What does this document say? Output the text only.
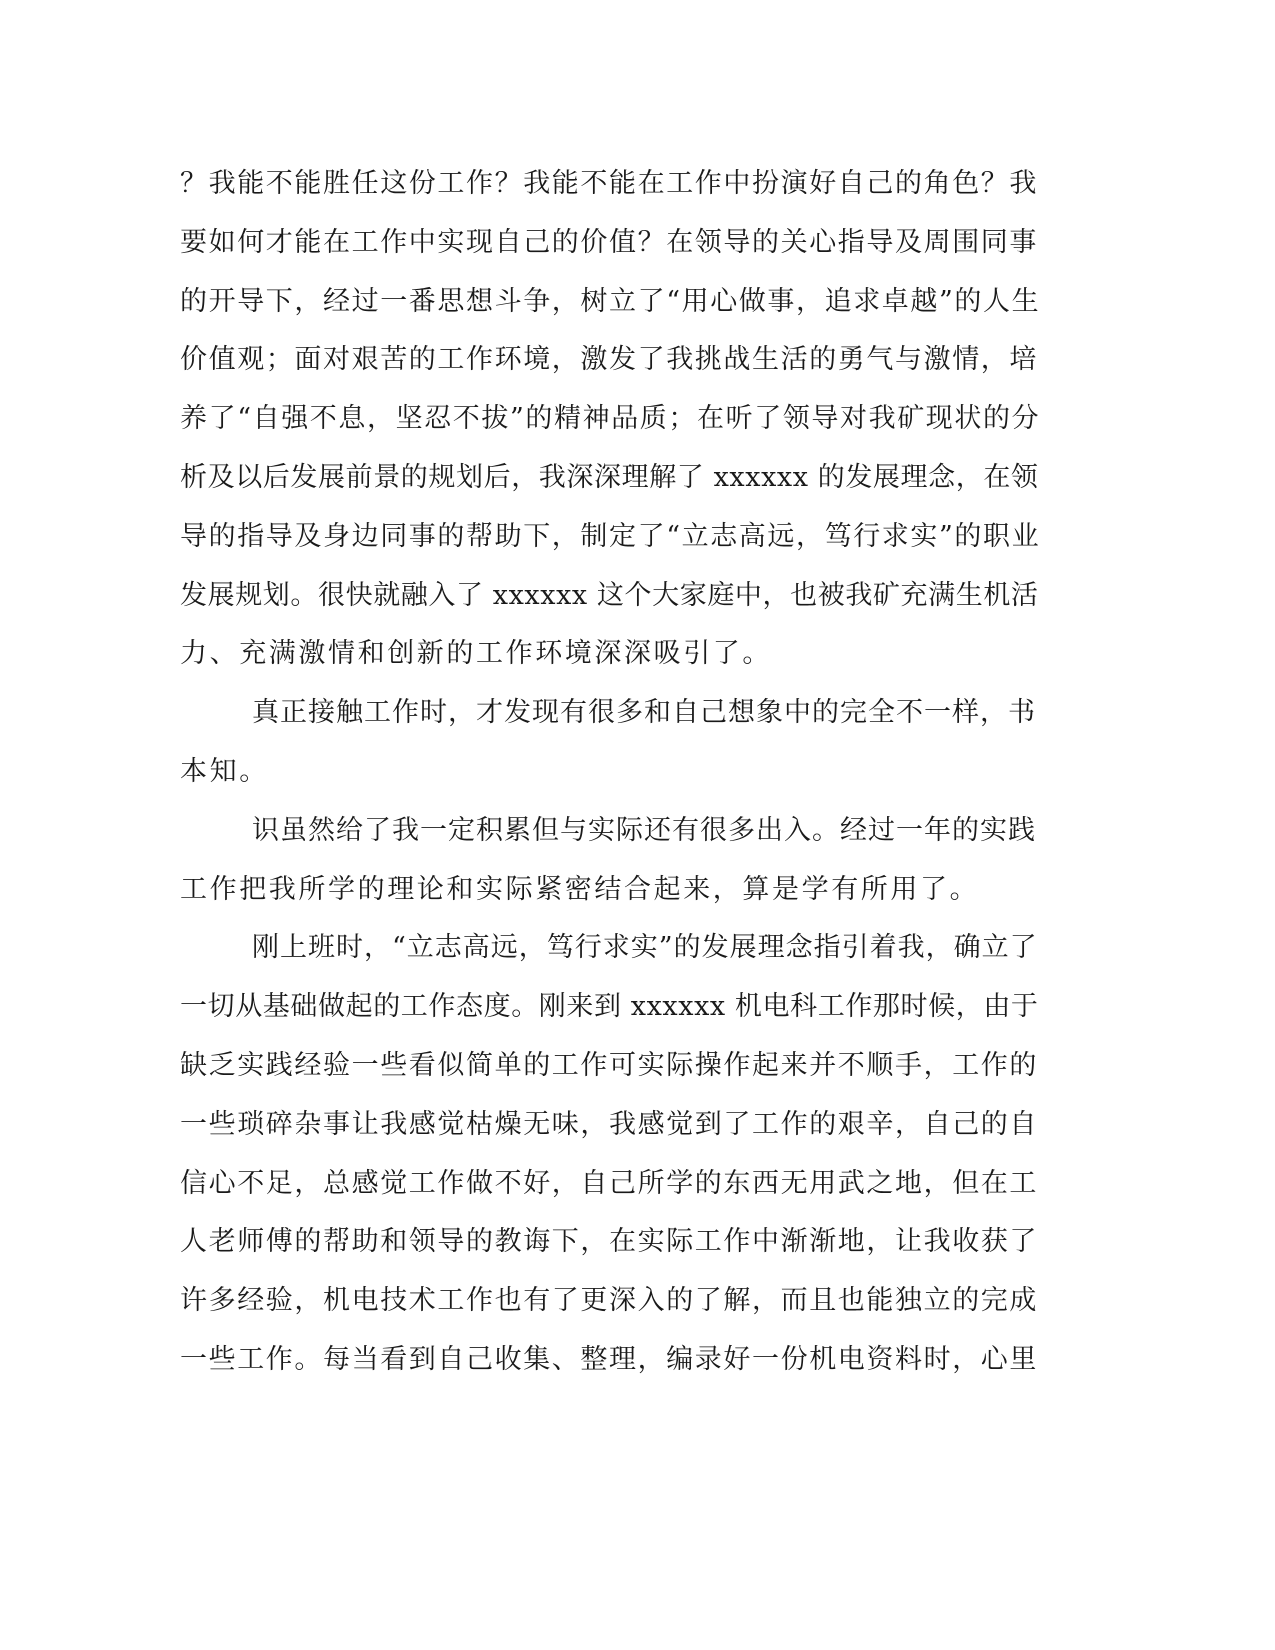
？我能不能胜任这份工作？我能不能在工作中扮演好自己的角色？我
要如何才能在工作中实现自己的价值？在领导的关心指导及周围同事
的开导下，经过一番思想斗争，树立了“用心做事，追求卓越”的人生
价值观；面对艰苦的工作环境，激发了我挑战生活的勇气与激情，培
养了“自强不息，坚忍不拔”的精神品质；在听了领导对我矿现状的分
析及以后发展前景的规划后，我深深理解了 xxxxxx 的发展理念，在领
导的指导及身边同事的帮助下，制定了“立志高远，笃行求实”的职业
发展规划。很快就融入了 xxxxxx 这个大家庭中，也被我矿充满生机活
力、充满激情和创新的工作环境深深吸引了。
真正接触工作时，才发现有很多和自己想象中的完全不一样，书
本知。
识虽然给了我一定积累但与实际还有很多出入。经过一年的实践
工作把我所学的理论和实际紧密结合起来，算是学有所用了。
刚上班时，“立志高远，笃行求实”的发展理念指引着我，确立了
一切从基础做起的工作态度。刚来到 xxxxxx 机电科工作那时候，由于
缺乏实践经验一些看似简单的工作可实际操作起来并不顺手，工作的
一些琐碎杂事让我感觉枯燥无味，我感觉到了工作的艰辛，自己的自
信心不足，总感觉工作做不好，自己所学的东西无用武之地，但在工
人老师傅的帮助和领导的教诲下，在实际工作中渐渐地，让我收获了
许多经验，机电技术工作也有了更深入的了解，而且也能独立的完成
一些工作。每当看到自己收集、整理，编录好一份机电资料时，心里
